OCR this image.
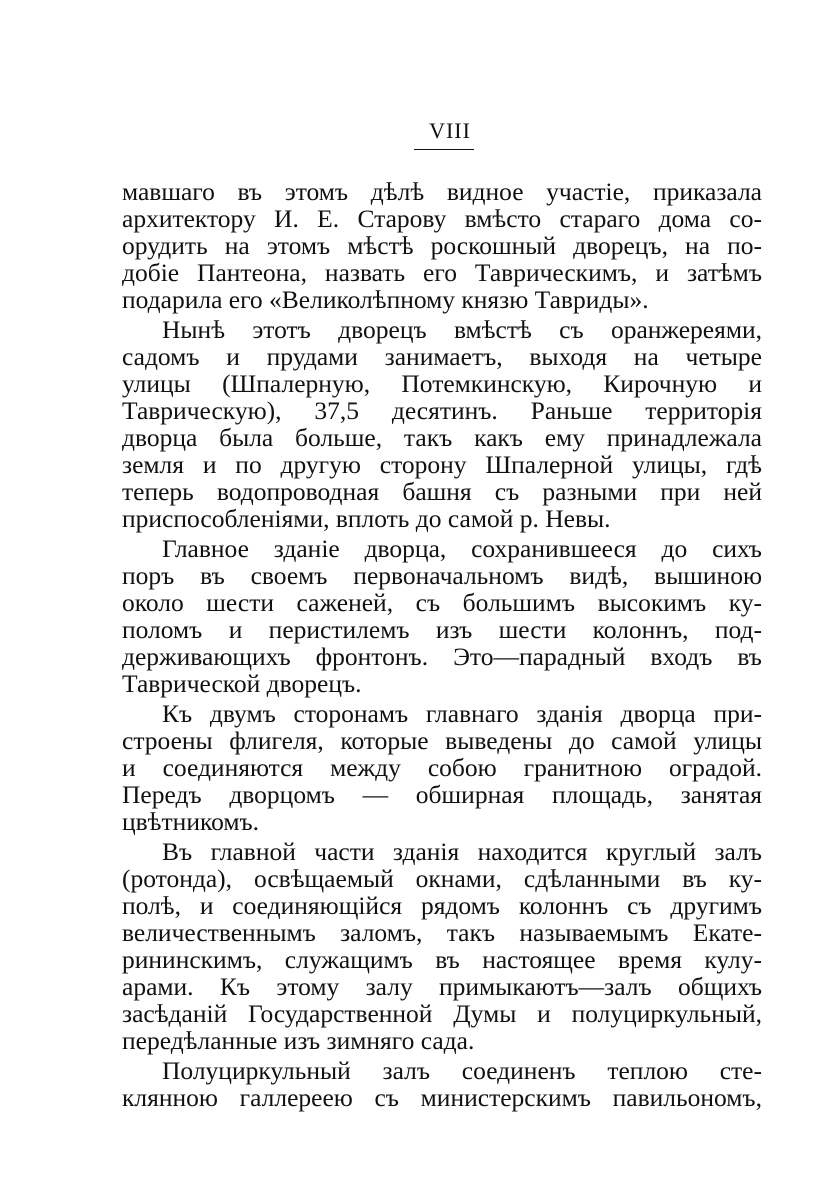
VIII
мавшаго въ этомъ дѣлѣ видное участіе, приказала
архитектору И. Е. Старову вмѣсто стараго дома со-
орудить на этомъ мѣстѣ роскошный дворецъ, на по-
добіе Пантеона, назвать его Таврическимъ, и затѣмъ
подарила его «Великолѣпному князю Тавриды».
Нынѣ этотъ дворецъ вмѣстѣ съ оранжереями,
садомъ и прудами занимаетъ, выходя на четыре
улицы (Шпалерную, Потемкинскую, Кирочную и
Таврическую), 37,5 десятинъ. Раньше территорія
дворца была больше, такъ какъ ему принадлежала
земля и по другую сторону Шпалерной улицы, гдѣ
теперь водопроводная башня съ разными при ней
приспособленіями, вплоть до самой р. Невы.
Главное зданіе дворца, сохранившееся до сихъ
поръ въ своемъ первоначальномъ видѣ, вышиною
около шести саженей, съ большимъ высокимъ ку-
поломъ и перистилемъ изъ шести колоннъ, под-
держивающихъ фронтонъ. Это—парадный входъ въ
Таврической дворецъ.
Къ двумъ сторонамъ главнаго зданія дворца при-
строены флигеля, которые выведены до самой улицы
и соединяются между собою гранитною оградой.
Передъ дворцомъ — обширная площадь, занятая
цвѣтникомъ.
Въ главной части зданія находится круглый залъ
(ротонда), освѣщаемый окнами, сдѣланными въ ку-
полѣ, и соединяющійся рядомъ колоннъ съ другимъ
величественнымъ заломъ, такъ называемымъ Екате-
рининскимъ, служащимъ въ настоящее время кулу-
арами. Къ этому залу примыкаютъ—залъ общихъ
засѣданій Государственной Думы и полуциркульный,
передѣланные изъ зимняго сада.
Полуциркульный залъ соединенъ теплою сте-
клянною галлереею съ министерскимъ павильономъ,
